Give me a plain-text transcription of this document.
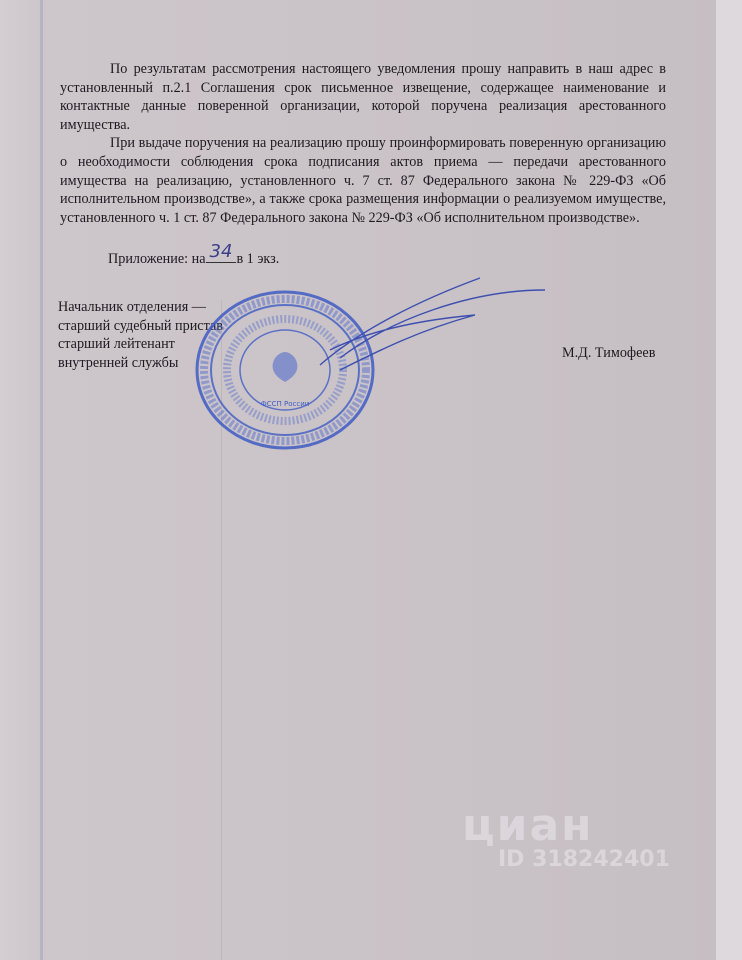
По результатам рассмотрения настоящего уведомления прошу направить в наш адрес в установленный п.2.1 Соглашения срок письменное извещение, содержащее наименование и контактные данные поверенной организации, которой поручена реализация арестованного имущества.

При выдаче поручения на реализацию прошу проинформировать поверенную организацию о необходимости соблюдения срока подписания актов приема — передачи арестованного имущества на реализацию, установленного ч. 7 ст. 87 Федерального закона № 229-ФЗ «Об исполнительном производстве», а также срока размещения информации о реализуемом имуществе, установленного ч. 1 ст. 87 Федерального закона № 229-ФЗ «Об исполнительном производстве».

Приложение: на 34 в 1 экз.
Начальник отделения —
старший судебный пристав
старший лейтенант
внутренней службы
ФССП России
М.Д. Тимофеев
циан
ID 318242401
